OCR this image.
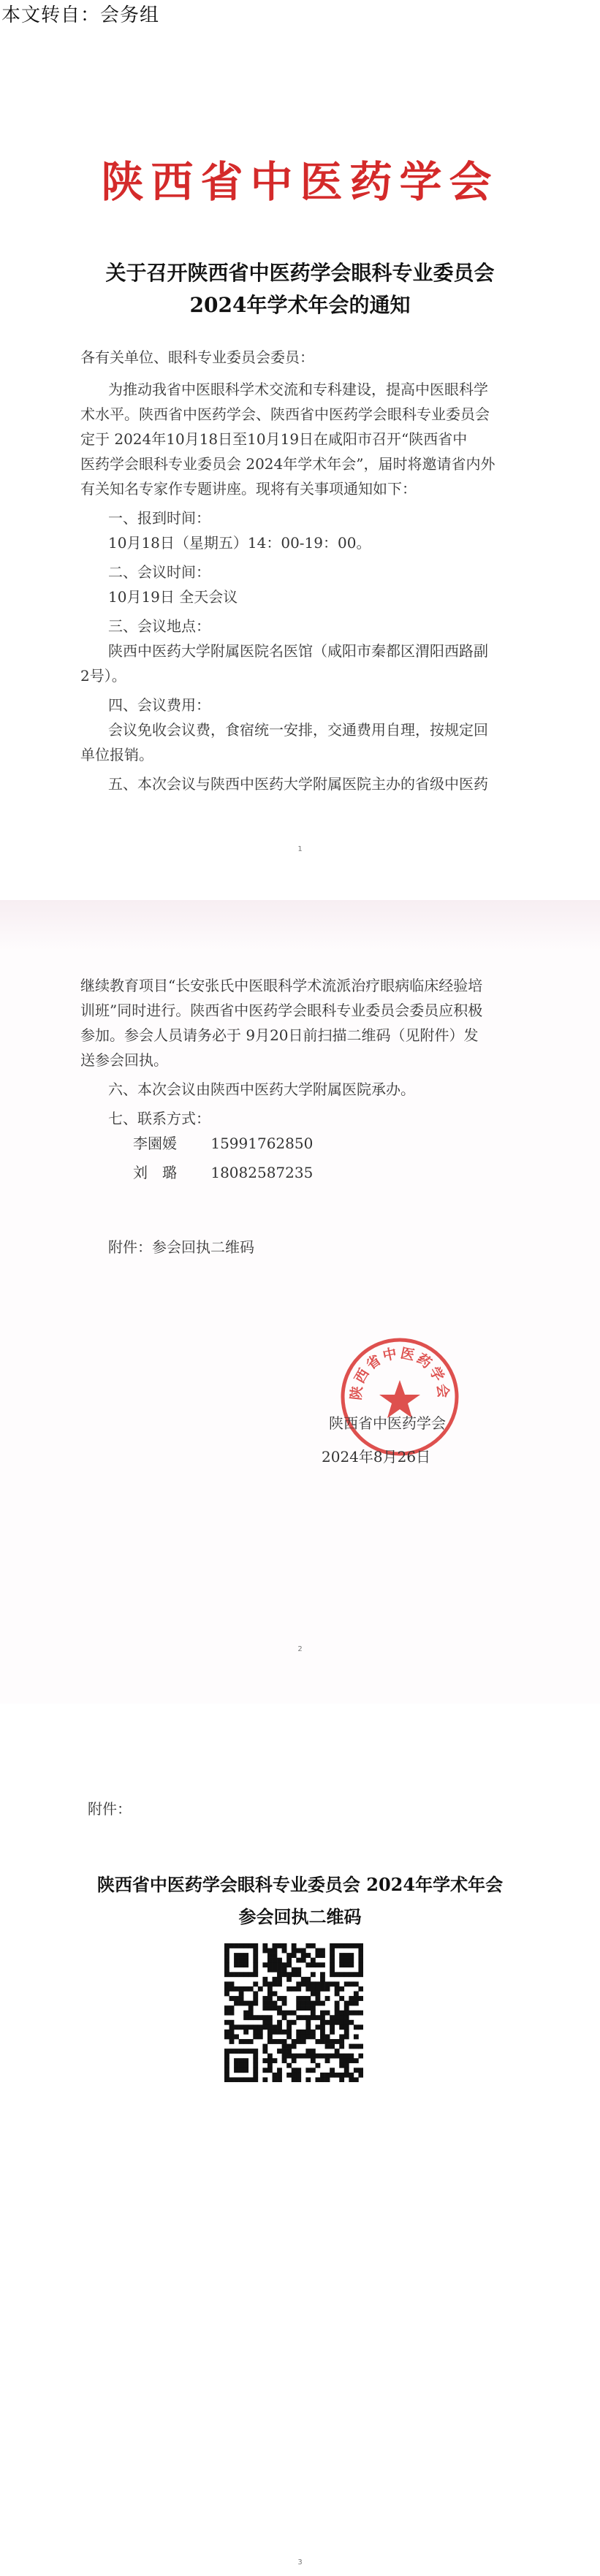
本文转自：会务组
陕西省中医药学会
关于召开陕西省中医药学会眼科专业委员会
2024年学术年会的通知
各有关单位、眼科专业委员会委员：
为推动我省中医眼科学术交流和专科建设，提高中医眼科学
术水平。陕西省中医药学会、陕西省中医药学会眼科专业委员会
定于 2024年10月18日至10月19日在咸阳市召开“陕西省中
医药学会眼科专业委员会 2024年学术年会”，届时将邀请省内外
有关知名专家作专题讲座。现将有关事项通知如下：
一、报到时间：
10月18日（星期五）14：00-19：00。
二、会议时间：
10月19日 全天会议
三、会议地点：
陕西中医药大学附属医院名医馆（咸阳市秦都区渭阳西路副
2号）。
四、会议费用：
会议免收会议费，食宿统一安排，交通费用自理，按规定回
单位报销。
五、本次会议与陕西中医药大学附属医院主办的省级中医药
1
继续教育项目“长安张氏中医眼科学术流派治疗眼病临床经验培
训班”同时进行。陕西省中医药学会眼科专业委员会委员应积极
参加。参会人员请务必于 9月20日前扫描二维码（见附件）发
送参会回执。
六、本次会议由陕西中医药大学附属医院承办。
七、联系方式：
李園媛 15991762850
刘　璐 18082587235
附件：参会回执二维码
陕西省中医药学会
陕西省中医药学会
2024年8月26日
2
附件：
陕西省中医药学会眼科专业委员会 2024年学术年会
参会回执二维码
3
